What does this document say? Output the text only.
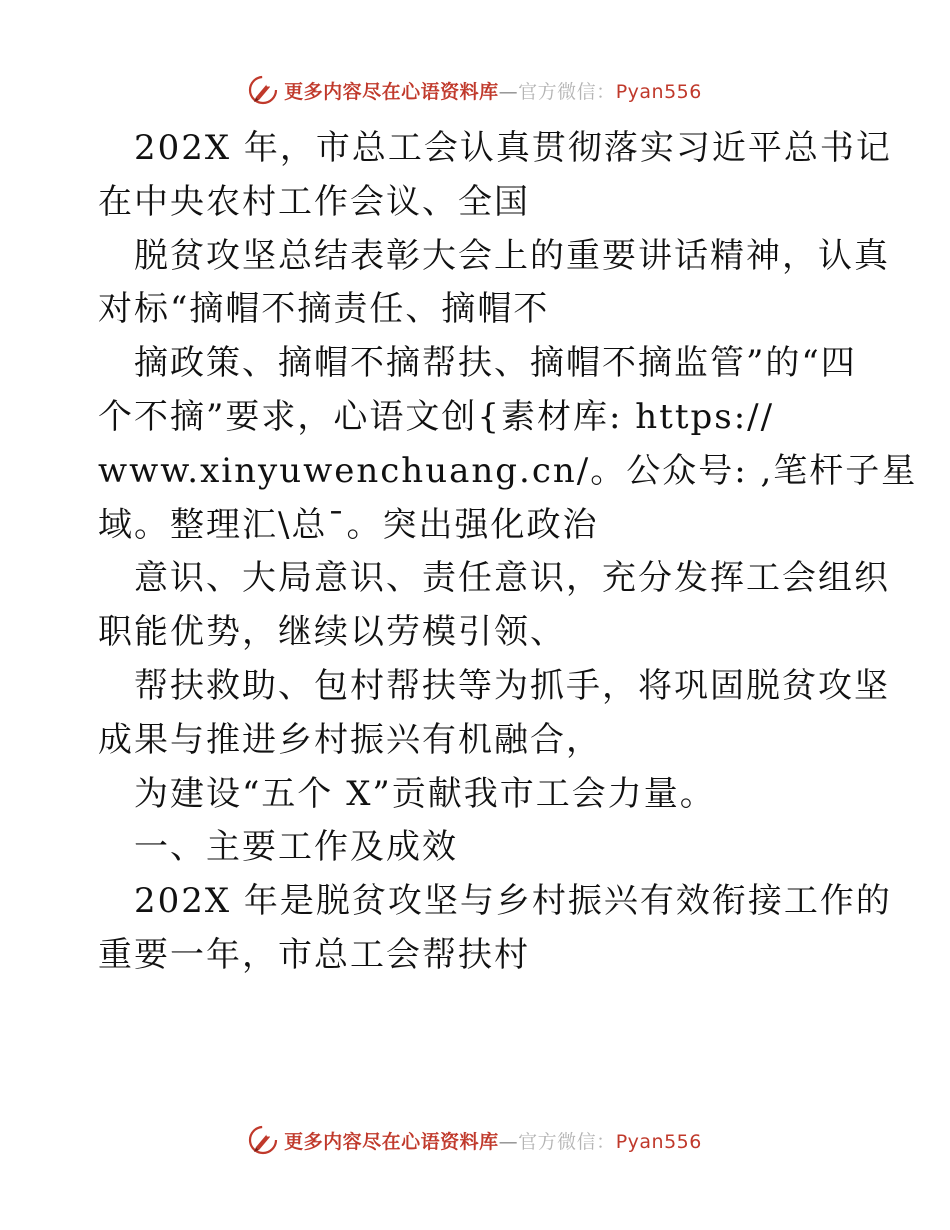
更多内容尽在心语资料库—官方微信：Pyan556
202X 年，市总工会认真贯彻落实习近平总书记
在中央农村工作会议、全国
脱贫攻坚总结表彰大会上的重要讲话精神，认真
对标“摘帽不摘责任、摘帽不
摘政策、摘帽不摘帮扶、摘帽不摘监管”的“四
个不摘”要求，心语文创{素材库: https://
www.xinyuwenchuang.cn/。公众号: ,笔杆子星
域。整理汇\总¯。突出强化政治
意识、大局意识、责任意识，充分发挥工会组织
职能优势，继续以劳模引领、
帮扶救助、包村帮扶等为抓手，将巩固脱贫攻坚
成果与推进乡村振兴有机融合，
为建设“五个 X”贡献我市工会力量。
一、主要工作及成效
202X 年是脱贫攻坚与乡村振兴有效衔接工作的
重要一年，市总工会帮扶村
更多内容尽在心语资料库—官方微信：Pyan556
